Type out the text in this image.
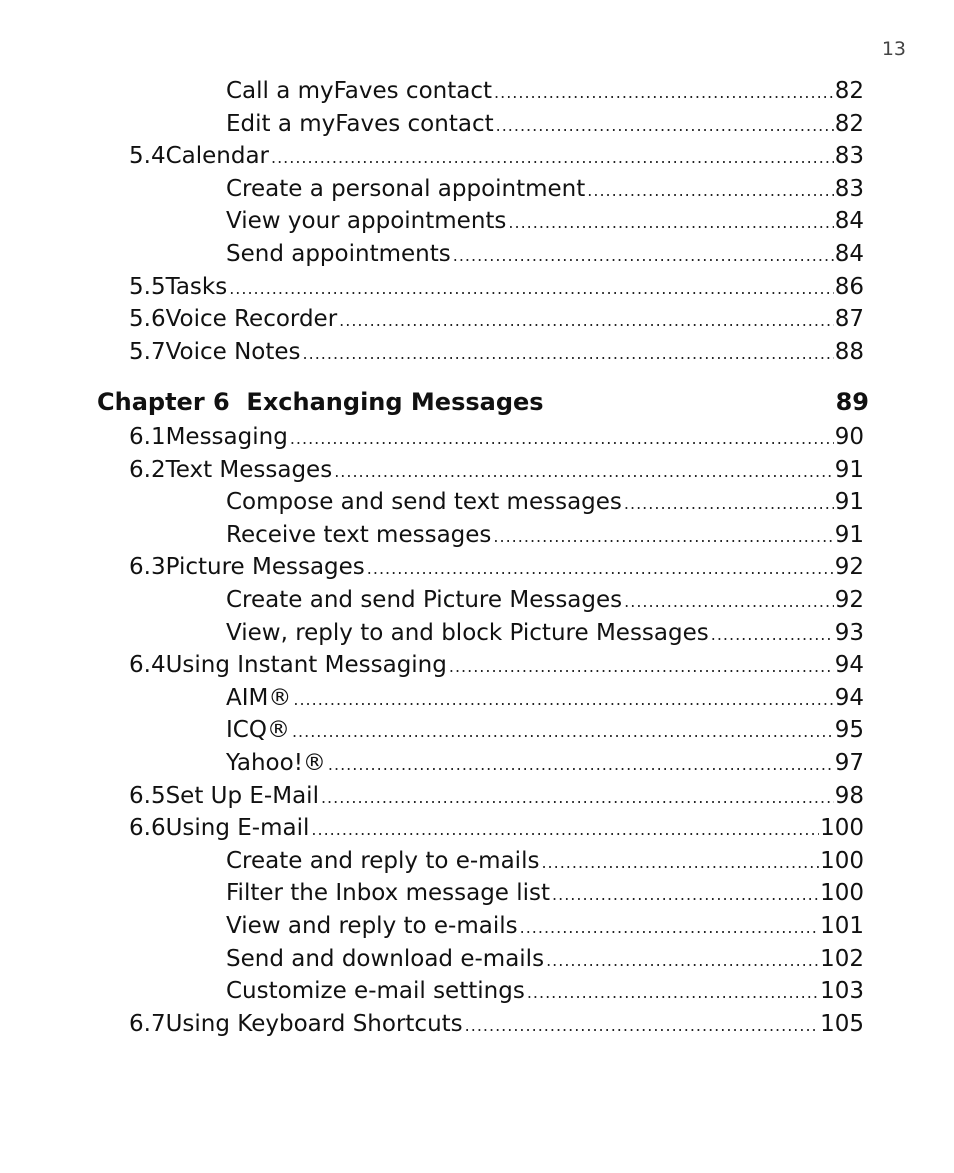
13
Call a myFaves contact .....	82
Edit a myFaves contact .....	82
5.4 Calendar .....	83
Create a personal appointment .....	83
View your appointments .....	84
Send appointments .....	84
5.5 Tasks .....	86
5.6 Voice Recorder .....	87
5.7 Voice Notes .....	88
Chapter 6  Exchanging Messages	89
6.1 Messaging .....	90
6.2 Text Messages .....	91
Compose and send text messages .....	91
Receive text messages .....	91
6.3 Picture Messages .....	92
Create and send Picture Messages .....	92
View, reply to and block Picture Messages .....	93
6.4 Using Instant Messaging .....	94
AIM® .....	94
ICQ® .....	95
Yahoo!® .....	97
6.5 Set Up E-Mail .....	98
6.6 Using E-mail .....	100
Create and reply to e-mails .....	100
Filter the Inbox message list .....	100
View and reply to e-mails .....	101
Send and download e-mails .....	102
Customize e-mail settings .....	103
6.7 Using Keyboard Shortcuts .....	105
